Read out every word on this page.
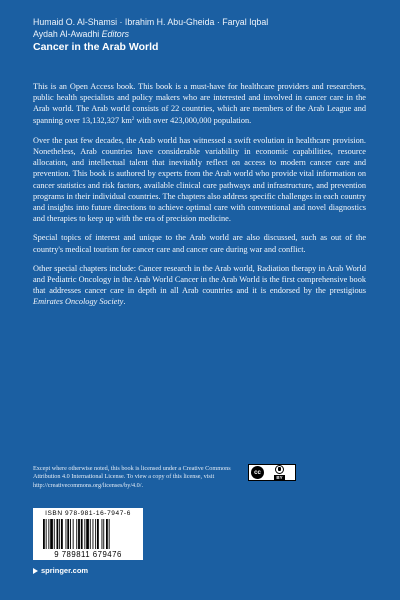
Humaid O. Al-Shamsi · Ibrahim H. Abu-Gheida · Faryal Iqbal
Aydah Al-Awadhi Editors
Cancer in the Arab World

This is an Open Access book. This book is a must-have for healthcare providers and researchers, public health specialists and policy makers who are interested and involved in cancer care in the Arab world. The Arab world consists of 22 countries, which are members of the Arab League and spanning over 13,132,327 $km^2$ with over 423,000,000 population.

Over the past few decades, the Arab world has witnessed a swift evolution in healthcare provision. Nonetheless, Arab countries have considerable variability in economic capabilities, resource allocation, and intellectual talent that inevitably reflect on access to modern cancer care and prevention. This book is authored by experts from the Arab world who provide vital information on cancer statistics and risk factors, available clinical care pathways and infrastructure, and prevention programs in their individual countries. The chapters also address specific challenges in each country and insights into future directions to achieve optimal care with conventional and novel diagnostics and therapies to keep up with the era of precision medicine.

Special topics of interest and unique to the Arab world are also discussed, such as out of the country's medical tourism for cancer care and cancer care during war and conflict.

Other special chapters include: Cancer research in the Arab world, Radiation therapy in Arab World and Pediatric Oncology in the Arab World Cancer in the Arab World is the first comprehensive book that addresses cancer care in depth in all Arab countries and it is endorsed by the prestigious Emirates Oncology Society.

Except where otherwise noted, this book is licensed under a Creative Commons Attribution 4.0 International License. To view a copy of this license, visit http://creativecommons.org/licenses/by/4.0/.
cc
BY
ISBN 978-981-16-7947-6
9 789811 679476
springer.com
